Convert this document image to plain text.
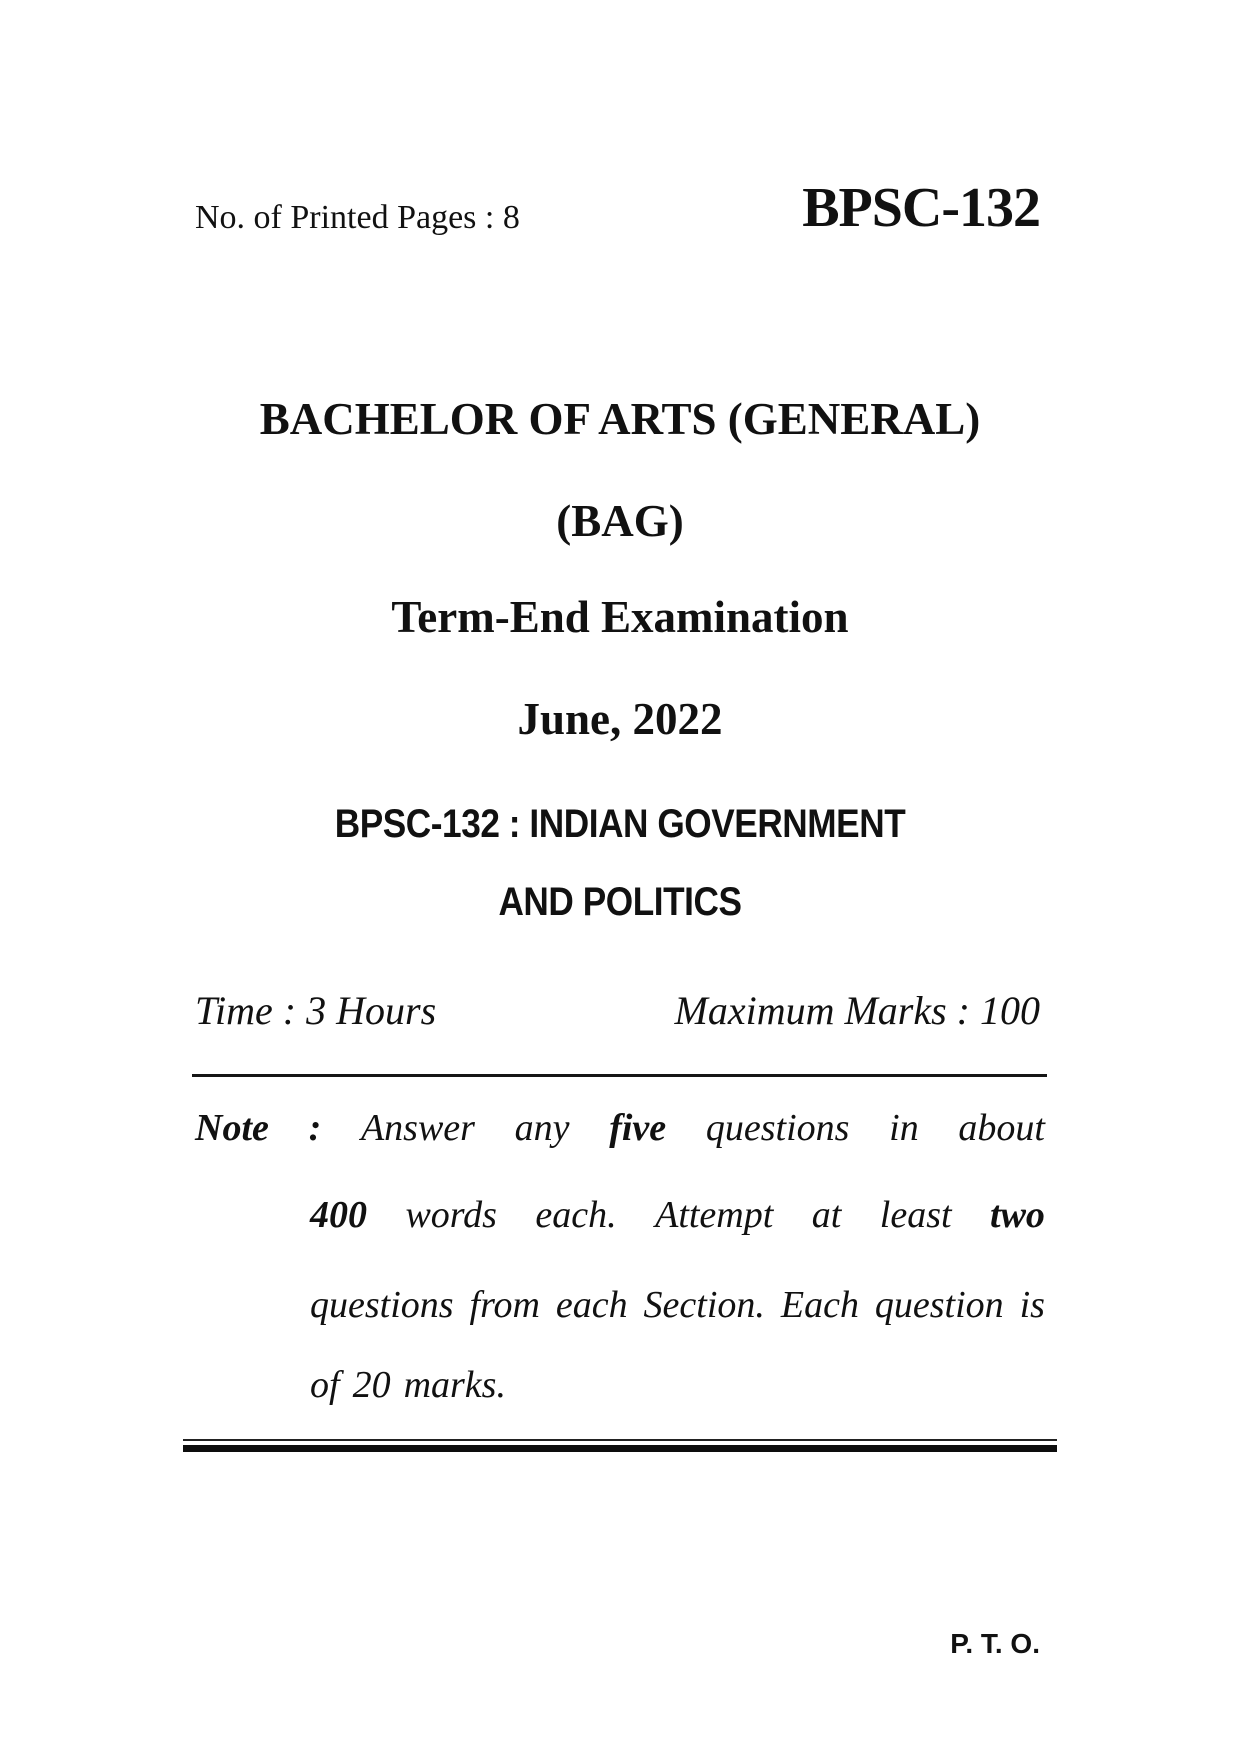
No. of Printed Pages : 8	BPSC-132
BACHELOR OF ARTS (GENERAL)
(BAG)
Term-End Examination
June, 2022
BPSC-132 : INDIAN GOVERNMENT
AND POLITICS
Time : 3 Hours	Maximum Marks : 100
Note : Answer any five questions in about
400 words each. Attempt at least two
questions from each Section. Each question is
of 20 marks.
P. T. O.
